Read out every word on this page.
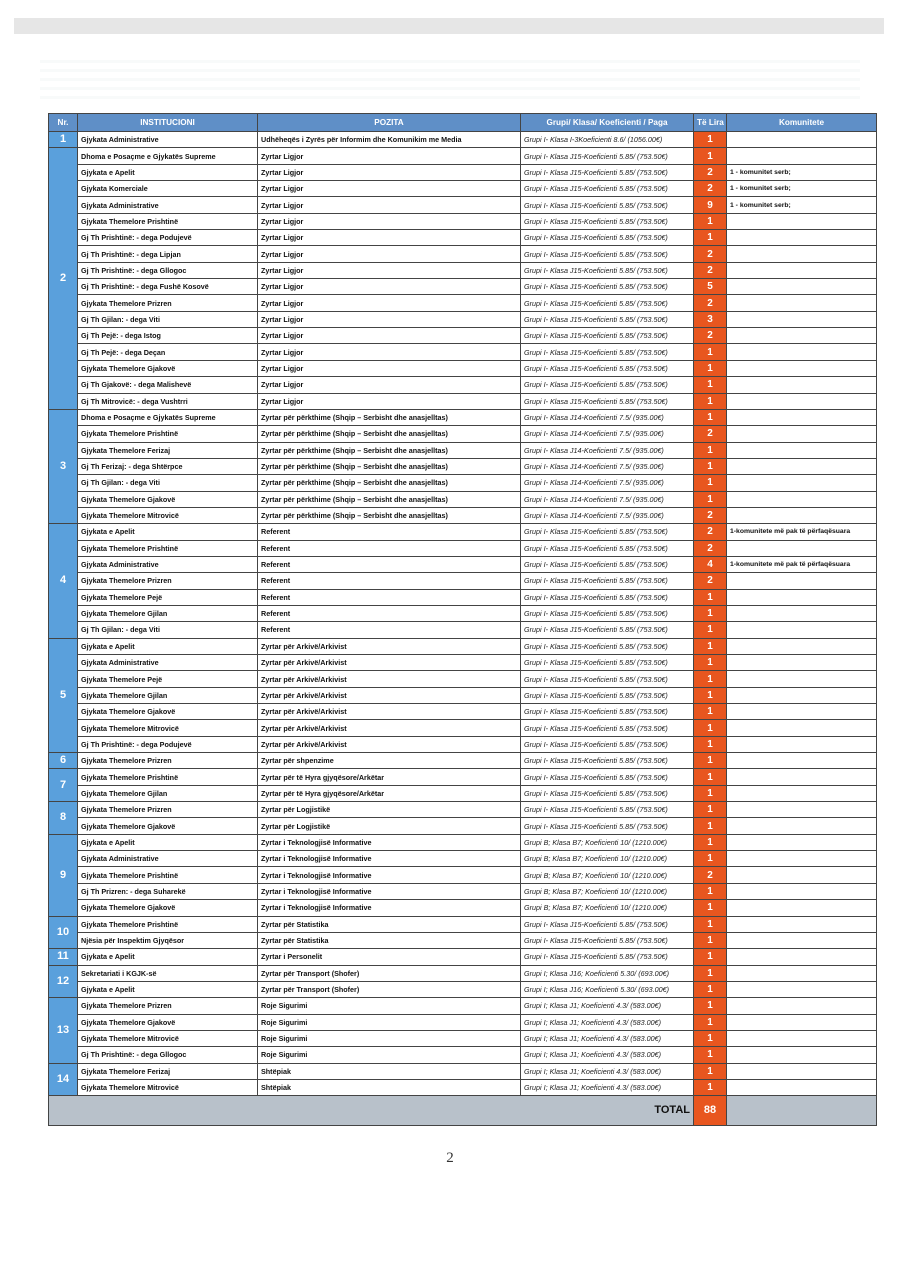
Nr.	INSTITUCIONI	POZITA	Grupi/ Klasa/ Koeficienti / Paga	Të Lira	Komunitete
1	Gjykata Administrative	Udhëheqës i Zyrës për Informim dhe Komunikim me Media	Grupi I- Klasa I-3Koeficienti 8.6/ (1056.00€)	1	
2	Dhoma e Posaçme e Gjykatës Supreme	Zyrtar Ligjor	Grupi I- Klasa J15-Koeficienti 5.85/ (753.50€)	1	
	Gjykata e Apelit	Zyrtar Ligjor	Grupi I- Klasa J15-Koeficienti 5.85/ (753.50€)	2	1 - komunitet serb;
	Gjykata Komerciale	Zyrtar Ligjor	Grupi I- Klasa J15-Koeficienti 5.85/ (753.50€)	2	1 - komunitet serb;
	Gjykata Administrative	Zyrtar Ligjor	Grupi I- Klasa J15-Koeficienti 5.85/ (753.50€)	9	1 - komunitet serb;
	Gjykata Themelore Prishtinë	Zyrtar Ligjor	Grupi I- Klasa J15-Koeficienti 5.85/ (753.50€)	1	
	Gj Th Prishtinë: - dega Podujevë	Zyrtar Ligjor	Grupi I- Klasa J15-Koeficienti 5.85/ (753.50€)	1	
	Gj Th Prishtinë: - dega Lipjan	Zyrtar Ligjor	Grupi I- Klasa J15-Koeficienti 5.85/ (753.50€)	2	
	Gj Th Prishtinë: - dega Gllogoc	Zyrtar Ligjor	Grupi I- Klasa J15-Koeficienti 5.85/ (753.50€)	2	
	Gj Th Prishtinë: - dega Fushë Kosovë	Zyrtar Ligjor	Grupi I- Klasa J15-Koeficienti 5.85/ (753.50€)	5	
	Gjykata Themelore Prizren	Zyrtar Ligjor	Grupi I- Klasa J15-Koeficienti 5.85/ (753.50€)	2	
	Gj Th Gjilan: - dega Viti	Zyrtar Ligjor	Grupi I- Klasa J15-Koeficienti 5.85/ (753.50€)	3	
	Gj Th Pejë: - dega Istog	Zyrtar Ligjor	Grupi I- Klasa J15-Koeficienti 5.85/ (753.50€)	2	
	Gj Th Pejë: - dega Deçan	Zyrtar Ligjor	Grupi I- Klasa J15-Koeficienti 5.85/ (753.50€)	1	
	Gjykata Themelore Gjakovë	Zyrtar Ligjor	Grupi I- Klasa J15-Koeficienti 5.85/ (753.50€)	1	
	Gj Th Gjakovë: - dega Malishevë	Zyrtar Ligjor	Grupi I- Klasa J15-Koeficienti 5.85/ (753.50€)	1	
	Gj Th Mitrovicë: - dega Vushtrri	Zyrtar Ligjor	Grupi I- Klasa J15-Koeficienti 5.85/ (753.50€)	1	
3	Dhoma e Posaçme e Gjykatës Supreme	Zyrtar për përkthime (Shqip – Serbisht dhe anasjelltas)	Grupi I- Klasa J14-Koeficienti 7.5/ (935.00€)	1	
	Gjykata Themelore Prishtinë	Zyrtar për përkthime (Shqip – Serbisht dhe anasjelltas)	Grupi I- Klasa J14-Koeficienti 7.5/ (935.00€)	2	
	Gjykata Themelore Ferizaj	Zyrtar për përkthime (Shqip – Serbisht dhe anasjelltas)	Grupi I- Klasa J14-Koeficienti 7.5/ (935.00€)	1	
	Gj Th Ferizaj: - dega Shtërpce	Zyrtar për përkthime (Shqip – Serbisht dhe anasjelltas)	Grupi I- Klasa J14-Koeficienti 7.5/ (935.00€)	1	
	Gj Th Gjilan: - dega Viti	Zyrtar për përkthime (Shqip – Serbisht dhe anasjelltas)	Grupi I- Klasa J14-Koeficienti 7.5/ (935.00€)	1	
	Gjykata Themelore Gjakovë	Zyrtar për përkthime (Shqip – Serbisht dhe anasjelltas)	Grupi I- Klasa J14-Koeficienti 7.5/ (935.00€)	1	
	Gjykata Themelore Mitrovicë	Zyrtar për përkthime (Shqip – Serbisht dhe anasjelltas)	Grupi I- Klasa J14-Koeficienti 7.5/ (935.00€)	2	
4	Gjykata e Apelit	Referent	Grupi I- Klasa J15-Koeficienti 5.85/ (753.50€)	2	1-komunitete më pak të përfaqësuara
	Gjykata Themelore Prishtinë	Referent	Grupi I- Klasa J15-Koeficienti 5.85/ (753.50€)	2	
	Gjykata Administrative	Referent	Grupi I- Klasa J15-Koeficienti 5.85/ (753.50€)	4	1-komunitete më pak të përfaqësuara
	Gjykata Themelore Prizren	Referent	Grupi I- Klasa J15-Koeficienti 5.85/ (753.50€)	2	
	Gjykata Themelore Pejë	Referent	Grupi I- Klasa J15-Koeficienti 5.85/ (753.50€)	1	
	Gjykata Themelore Gjilan	Referent	Grupi I- Klasa J15-Koeficienti 5.85/ (753.50€)	1	
	Gj Th Gjilan: - dega Viti	Referent	Grupi I- Klasa J15-Koeficienti 5.85/ (753.50€)	1	
5	Gjykata e Apelit	Zyrtar për Arkivë/Arkivist	Grupi I- Klasa J15-Koeficienti 5.85/ (753.50€)	1	
	Gjykata Administrative	Zyrtar për Arkivë/Arkivist	Grupi I- Klasa J15-Koeficienti 5.85/ (753.50€)	1	
	Gjykata Themelore Pejë	Zyrtar për Arkivë/Arkivist	Grupi I- Klasa J15-Koeficienti 5.85/ (753.50€)	1	
	Gjykata Themelore Gjilan	Zyrtar për Arkivë/Arkivist	Grupi I- Klasa J15-Koeficienti 5.85/ (753.50€)	1	
	Gjykata Themelore Gjakovë	Zyrtar për Arkivë/Arkivist	Grupi I- Klasa J15-Koeficienti 5.85/ (753.50€)	1	
	Gjykata Themelore Mitrovicë	Zyrtar për Arkivë/Arkivist	Grupi I- Klasa J15-Koeficienti 5.85/ (753.50€)	1	
	Gj Th Prishtinë: - dega Podujevë	Zyrtar për Arkivë/Arkivist	Grupi I- Klasa J15-Koeficienti 5.85/ (753.50€)	1	
6	Gjykata Themelore Prizren	Zyrtar për shpenzime	Grupi I- Klasa J15-Koeficienti 5.85/ (753.50€)	1	
7	Gjykata Themelore Prishtinë	Zyrtar për të Hyra gjyqësore/Arkëtar	Grupi I- Klasa J15-Koeficienti 5.85/ (753.50€)	1	
	Gjykata Themelore Gjilan	Zyrtar për të Hyra gjyqësore/Arkëtar	Grupi I- Klasa J15-Koeficienti 5.85/ (753.50€)	1	
8	Gjykata Themelore Prizren	Zyrtar për Logjistikë	Grupi I- Klasa J15-Koeficienti 5.85/ (753.50€)	1	
	Gjykata Themelore Gjakovë	Zyrtar për Logjistikë	Grupi I- Klasa J15-Koeficienti 5.85/ (753.50€)	1	
9	Gjykata e Apelit	Zyrtar i Teknologjisë Informative	Grupi B; Klasa B7; Koeficienti 10/ (1210.00€)	1	
	Gjykata Administrative	Zyrtar i Teknologjisë Informative	Grupi B; Klasa B7; Koeficienti 10/ (1210.00€)	1	
	Gjykata Themelore Prishtinë	Zyrtar i Teknologjisë Informative	Grupi B; Klasa B7; Koeficienti 10/ (1210.00€)	2	
	Gj Th Prizren: - dega Suharekë	Zyrtar i Teknologjisë Informative	Grupi B; Klasa B7; Koeficienti 10/ (1210.00€)	1	
	Gjykata Themelore Gjakovë	Zyrtar i Teknologjisë Informative	Grupi B; Klasa B7; Koeficienti 10/ (1210.00€)	1	
10	Gjykata Themelore Prishtinë	Zyrtar për Statistika	Grupi I- Klasa J15-Koeficienti 5.85/ (753.50€)	1	
	Njësia për Inspektim Gjyqësor	Zyrtar për Statistika	Grupi I- Klasa J15-Koeficienti 5.85/ (753.50€)	1	
11	Gjykata e Apelit	Zyrtar i Personelit	Grupi I- Klasa J15-Koeficienti 5.85/ (753.50€)	1	
12	Sekretariati i KGJK-së	Zyrtar për Transport (Shofer)	Grupi I; Klasa J16; Koeficienti 5.30/ (693.00€)	1	
	Gjykata e Apelit	Zyrtar për Transport (Shofer)	Grupi I; Klasa J16; Koeficienti 5.30/ (693.00€)	1	
13	Gjykata Themelore Prizren	Roje Sigurimi	Grupi I; Klasa J1; Koeficienti 4.3/ (583.00€)	1	
	Gjykata Themelore Gjakovë	Roje Sigurimi	Grupi I; Klasa J1; Koeficienti 4.3/ (583.00€)	1	
	Gjykata Themelore Mitrovicë	Roje Sigurimi	Grupi I; Klasa J1; Koeficienti 4.3/ (583.00€)	1	
	Gj Th Prishtinë: - dega Gllogoc	Roje Sigurimi	Grupi I; Klasa J1; Koeficienti 4.3/ (583.00€)	1	
14	Gjykata Themelore Ferizaj	Shtëpiak	Grupi I; Klasa J1; Koeficienti 4.3/ (583.00€)	1	
	Gjykata Themelore Mitrovicë	Shtëpiak	Grupi I; Klasa J1; Koeficienti 4.3/ (583.00€)	1	
TOTAL				88	
2
